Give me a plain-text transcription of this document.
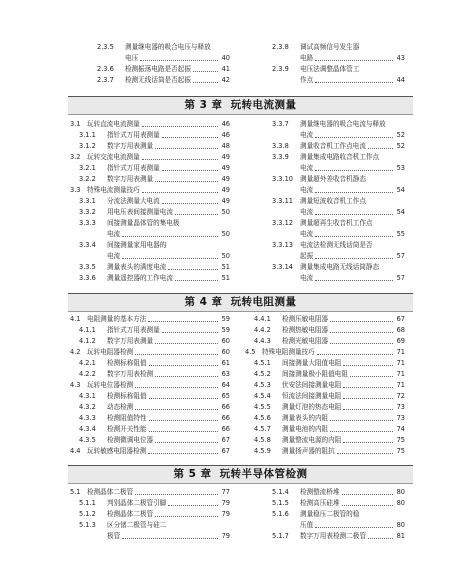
2.3.5	测量继电器的吸合电压与释放
电压	40
2.3.6	检测振荡电路是否起振	41
2.3.7	检测无线话筒是否起振	42
2.3.8	调试高频信号发生器
电路	43
2.3.9	电压法调整晶体管工
作点	44
第 3 章 玩转电流测量
3.1 玩转直流电流测量	46
3.1.1	指针式万用表测量	46
3.1.2	数字万用表测量	48
3.2 玩转交流电流测量	49
3.2.1	指针式万用表测量	49
3.2.2	数字万用表测量	49
3.3 特殊电流测量技巧	49
3.3.1	分流法测量大电流	49
3.3.2	用电压表间接测量电流	50
3.3.3	间接测量晶体管的集电极
电流	50
3.3.4	间接测量家用电器的
电流	50
3.3.5	测量表头的满度电流	51
3.3.6	测量遥控器的工作电流	51
3.3.7	测量继电器的吸合电流与释放
电流	52
3.3.8	测量收音机工作点电流	52
3.3.9	测量集成电路收音机工作点
电流	53
3.3.10	测量超外差收音机静态
电流	54
3.3.11	测量短波收音机工作点
电流	54
3.3.12	测量超再生收音机工作点
电流	55
3.3.13	电流法检测无线话筒是否
起振	57
3.3.14	测量集成电路无线话筒静态
电流	57
第 4 章 玩转电阻测量
4.1 电阻测量的基本方法	59
4.1.1	指针式万用表测量	59
4.1.2	数字万用表测量	60
4.2 玩转电阻器检测	60
4.2.1	检测标称阻值	61
4.2.2	数字万用表检测	63
4.3 玩转电位器检测	64
4.3.1	检测标称阻值	65
4.3.2	动态检测	66
4.3.3	检测阻值特性	66
4.3.4	检测开关性能	66
4.3.5	检测微调电位器	67
4.4 玩转敏感电阻器检测	67
4.4.1	检测压敏电阻器	67
4.4.2	检测热敏电阻器	68
4.4.3	检测光敏电阻器	69
4.5 特殊电阻测量技巧	71
4.5.1	间接测量大阻值电阻	71
4.5.2	间接测量极小阻值电阻	71
4.5.3	伏安法间接测量电阻	71
4.5.4	恒流法间接测量电阻	72
4.5.5	测量灯泡的热态电阻	73
4.5.6	测量表头的内阻	73
4.5.7	测量电池的内阻	74
4.5.8	测量整流电源的内阻	75
4.5.9	测量扬声器的阻抗	75
第 5 章 玩转半导体管检测
5.1 检测晶体二极管	77
5.1.1	判别晶体二极管引脚	79
5.1.2	检测晶体二极管	79
5.1.3	区分锗二极管与硅二
极管	79
5.1.4	检测整流桥堆	80
5.1.5	检测高压硅堆	80
5.1.6	测量稳压二极管的稳
压值	80
5.1.7	数字万用表检测二极管	81
